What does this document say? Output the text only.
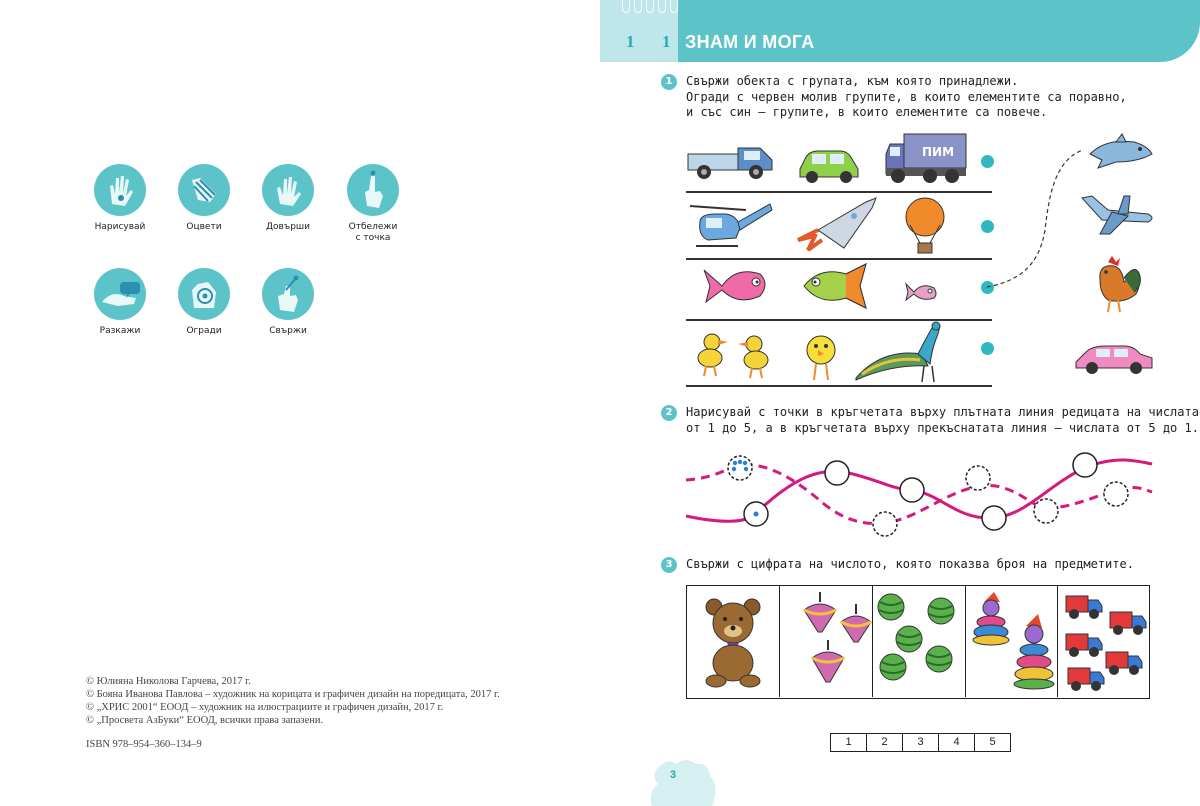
Нарисувай	Оцвети	Довърши	Отбележи
с точка
Разкажи	Огради	Свържи
© Юлияна Николова Гарчева, 2017 г.
© Бояна Иванова Павлова – художник на корицата и графичен дизайн на поредицата, 2017 г.
© „ХРИС 2001“ ЕООД – художник на илюстрациите и графичен дизайн, 2017 г.
© „Просвета АзБуки“ ЕООД, всички права запазени.
ISBN 978–954–360–134–9
1 1 ЗНАМ И МОГА
1	Свържи обекта с групата, към която принадлежи.
Огради с червен молив групите, в които елементите са поравно,
и със син – групите, в които елементите са повече.
ПИМ
2	Нарисувай с точки в кръгчетата върху плътната линия редицата на числата
от 1 до 5, а в кръгчетата върху прекъснатата линия – числата от 5 до 1.
3	Свържи с цифрата на числото, която показва броя на предметите.
1	2	3	4	5
3
